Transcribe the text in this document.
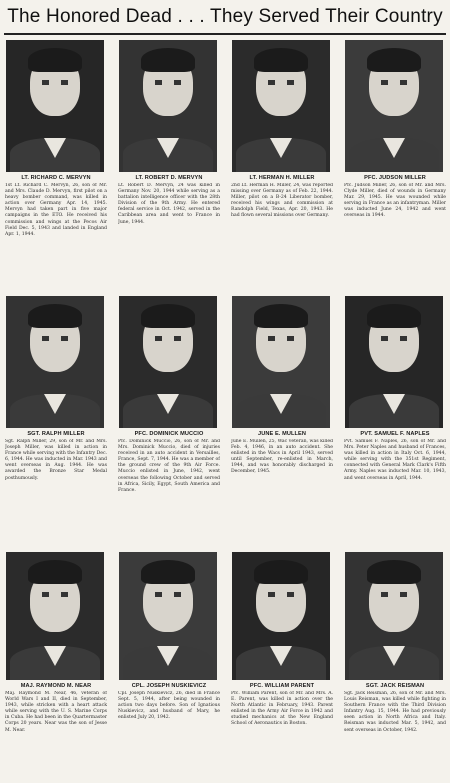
The Honored Dead . . . They Served Their Country
LT. RICHARD C. MERVYN
1st Lt. Richard C. Mervyn, 26, son of Mr. and Mrs. Claude D. Mervyn, first pilot on a heavy bomber command, was killed in action over Germany Apr. 14, 1945. Mervyn had taken part in five major campaigns in the ETO. He received his commission and wings at the Pecos Air Field Dec. 5, 1943 and landed in England Apr. 1, 1944.
LT. ROBERT D. MERVYN
Lt. Robert D. Mervyn, 24 was killed in Germany Nov. 20, 1944 while serving as a battalion intelligence officer with the 28th Division of the 9th Army. He entered federal service in Oct. 1942, served in the Caribbean area and went to France in June, 1944.
LT. HERMAN H. MILLER
2nd Lt. Herman H. Miller, 24, was reported missing over Germany as of Feb. 22, 1944. Miller, pilot on a B-24 Liberator bomber, received his wings and commission at Randolph Field, Texas, Apr. 20, 1943. He had flown several missions over Germany.
PFC. JUDSON MILLER
Pfc. Judson Miller, 26, son of Mr. and Mrs. Clyde Miller, died of wounds in Germany Mar. 29, 1945. He was wounded while serving in France as an infantryman. Miller was inducted June 24, 1942 and went overseas in 1944.
SGT. RALPH MILLER
Sgt. Ralph Miller, 29, son of Mr. and Mrs. Joseph Miller, was killed in action in France while serving with the Infantry Dec. 6, 1944. He was inducted in Mar. 1943 and went overseas in Aug. 1944. He was awarded the Bronze Star Medal posthumously.
PFC. DOMINICK MUCCIO
Pfc. Dominick Muccio, 26, son of Mr. and Mrs. Dominick Muccio, died of injuries received in an auto accident in Versailles, France, Sept. 7, 1944. He was a member of the ground crew of the 9th Air Force. Muccio enlisted in June, 1942, went overseas the following October and served in Africa, Sicily, Egypt, South America and France.
JUNE E. MULLEN
June E. Mullen, 25, Wac veteran, was killed Feb. 4, 1946, in an auto accident. She enlisted in the Wacs in April 1943, served until September, re-enlisted in March, 1944, and was honorably discharged in December, 1945.
PVT. SAMUEL F. NAPLES
Pvt. Samuel F. Naples, 26, son of Mr. and Mrs. Peter Naples and husband of Frances, was killed in action in Italy Oct. 6, 1944, while serving with the 351st Regiment, connected with General Mark Clark's Fifth Army. Naples was inducted Mar. 10, 1943, and went overseas in April, 1944.
MAJ. RAYMOND M. NEAR
Maj. Raymond M. Near, 46, veteran of World Wars I and II, died in September, 1943, while stricken with a heart attack while serving with the U. S. Marine Corps in Cuba. He had been in the Quartermaster Corps 20 years. Near was the son of Jesse M. Near.
CPL. JOSEPH NUSKIEVICZ
Cpl. Joseph Nuskievicz, 26, died in France Sept. 5, 1944, after being wounded in action two days before. Son of Ignatious Nuskievicz, and husband of Mary, he enlisted July 20, 1942.
PFC. WILLIAM PARENT
Pfc. William Parent, son of Mr. and Mrs. A. E. Parent, was killed in action over the North Atlantic in February, 1943. Parent enlisted in the Army Air Force in 1942 and studied mechanics at the New England School of Aeronautics in Boston.
SGT. JACK REISMAN
Sgt. Jack Reisman, 26, son of Mr. and Mrs. Louis Reisman, was killed while fighting in Southern France with the Third Division Infantry Aug. 15, 1944. He had previously seen action in North Africa and Italy. Reisman was inducted Mar. 5, 1942, and sent overseas in October, 1942.
